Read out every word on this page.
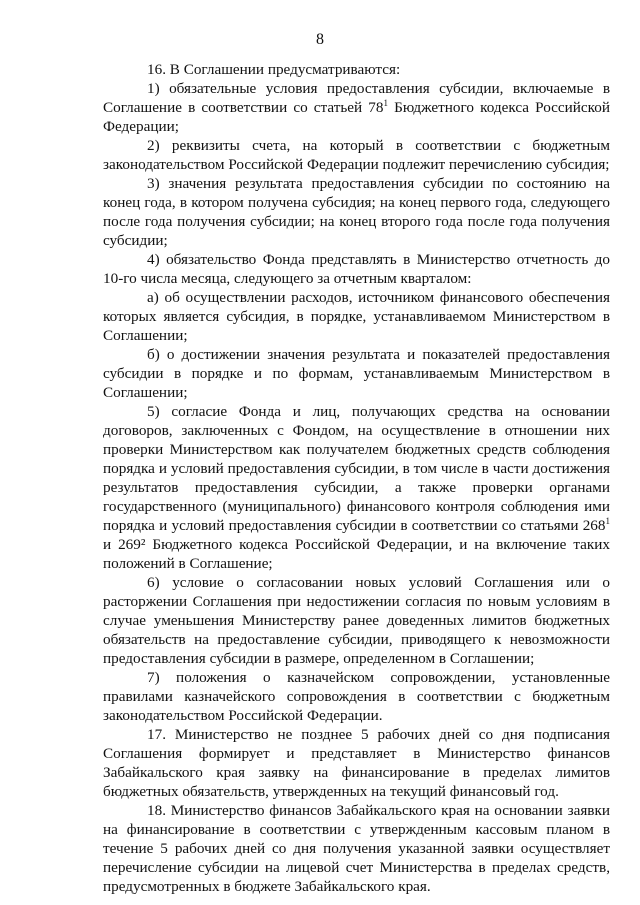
8

16. В Соглашении предусматриваются:

1) обязательные условия предоставления субсидии, включаемые в Соглашение в соответствии со статьей $78^1$ Бюджетного кодекса Российской Федерации;

2) реквизиты счета, на который в соответствии с бюджетным законодательством Российской Федерации подлежит перечислению субсидия;

3) значения результата предоставления субсидии по состоянию на конец года, в котором получена субсидия; на конец первого года, следующего после года получения субсидии; на конец второго года после года получения субсидии;

4) обязательство Фонда представлять в Министерство отчетность до 10-го числа месяца, следующего за отчетным кварталом:

а) об осуществлении расходов, источником финансового обеспечения которых является субсидия, в порядке, устанавливаемом Министерством в Соглашении;

б) о достижении значения результата и показателей предоставления субсидии в порядке и по формам, устанавливаемым Министерством в Соглашении;

5) согласие Фонда и лиц, получающих средства на основании договоров, заключенных с Фондом, на осуществление в отношении них проверки Министерством как получателем бюджетных средств соблюдения порядка и условий предоставления субсидии, в том числе в части достижения результатов предоставления субсидии, а также проверки органами государственного (муниципального) финансового контроля соблюдения ими порядка и условий предоставления субсидии в соответствии со статьями $268^1$ и 269² Бюджетного кодекса Российской Федерации, и на включение таких положений в Соглашение;

6) условие о согласовании новых условий Соглашения или о расторжении Соглашения при недостижении согласия по новым условиям в случае уменьшения Министерству ранее доведенных лимитов бюджетных обязательств на предоставление субсидии, приводящего к невозможности предоставления субсидии в размере, определенном в Соглашении;

7) положения о казначейском сопровождении, установленные правилами казначейского сопровождения в соответствии с бюджетным законодательством Российской Федерации.

17. Министерство не позднее 5 рабочих дней со дня подписания Соглашения формирует и представляет в Министерство финансов Забайкальского края заявку на финансирование в пределах лимитов бюджетных обязательств, утвержденных на текущий финансовый год.

18. Министерство финансов Забайкальского края на основании заявки на финансирование в соответствии с утвержденным кассовым планом в течение 5 рабочих дней со дня получения указанной заявки осуществляет перечисление субсидии на лицевой счет Министерства в пределах средств, предусмотренных в бюджете Забайкальского края.
